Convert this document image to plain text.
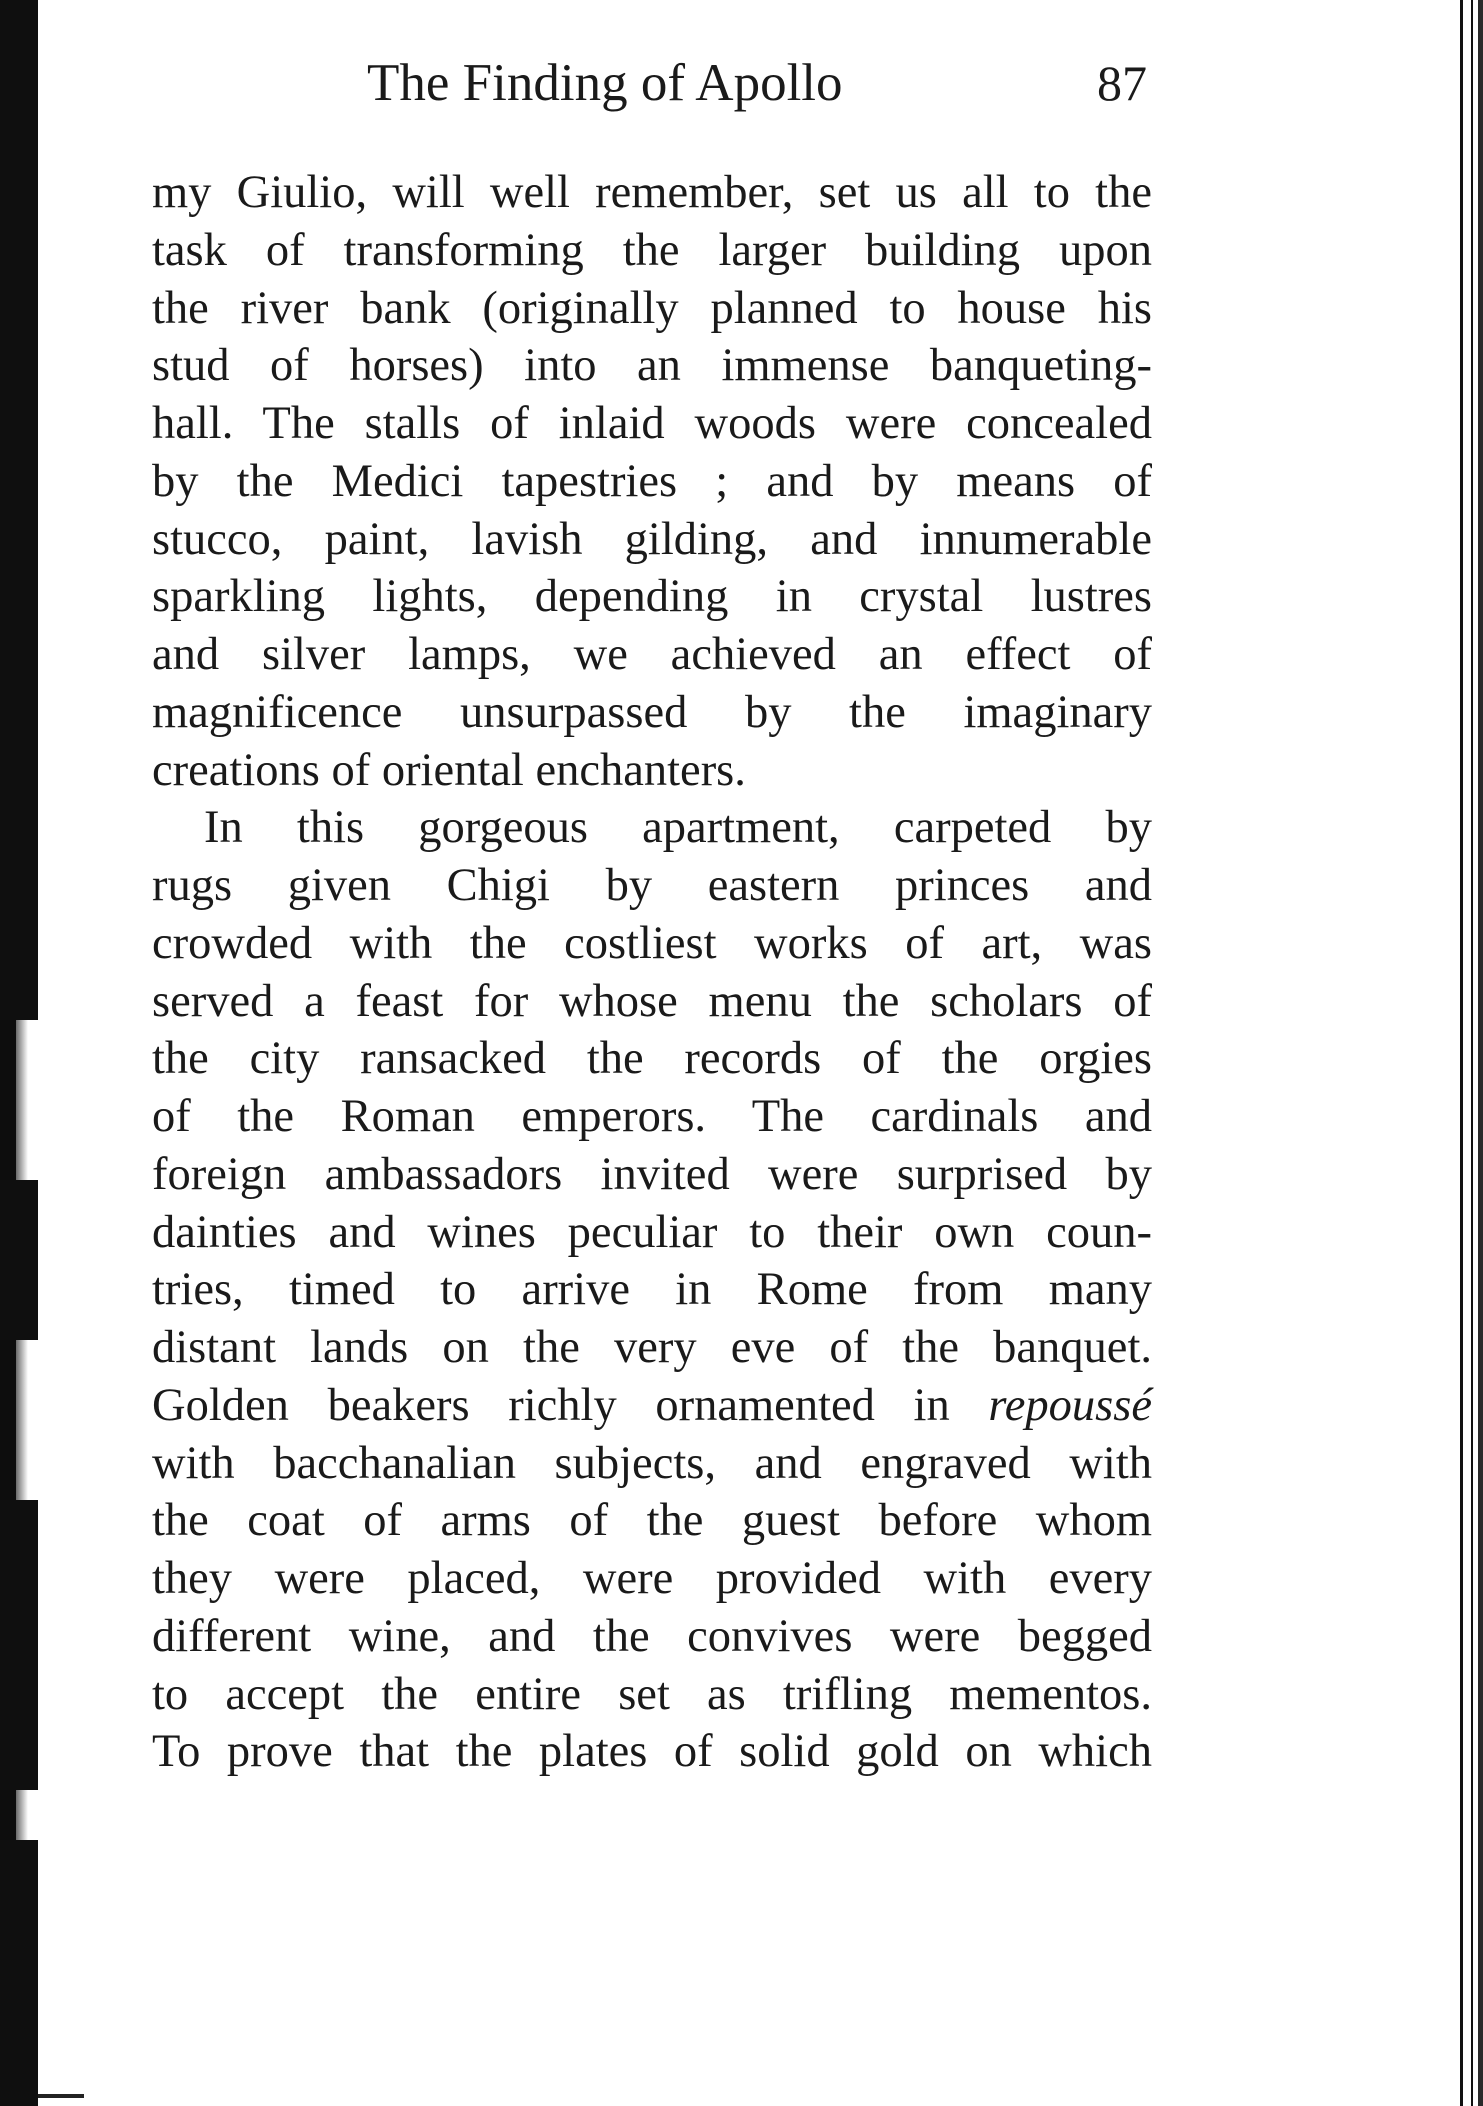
The Finding of Apollo	87
my Giulio, will well remember, set us all to the
task of transforming the larger building upon
the river bank (originally planned to house his
stud of horses) into an immense banqueting-
hall. The stalls of inlaid woods were concealed
by the Medici tapestries ; and by means of
stucco, paint, lavish gilding, and innumerable
sparkling lights, depending in crystal lustres
and silver lamps, we achieved an effect of
magnificence unsurpassed by the imaginary
creations of oriental enchanters.
In this gorgeous apartment, carpeted by
rugs given Chigi by eastern princes and
crowded with the costliest works of art, was
served a feast for whose menu the scholars of
the city ransacked the records of the orgies
of the Roman emperors. The cardinals and
foreign ambassadors invited were surprised by
dainties and wines peculiar to their own coun-
tries, timed to arrive in Rome from many
distant lands on the very eve of the banquet.
Golden beakers richly ornamented in repoussé
with bacchanalian subjects, and engraved with
the coat of arms of the guest before whom
they were placed, were provided with every
different wine, and the convives were begged
to accept the entire set as trifling mementos.
To prove that the plates of solid gold on which
